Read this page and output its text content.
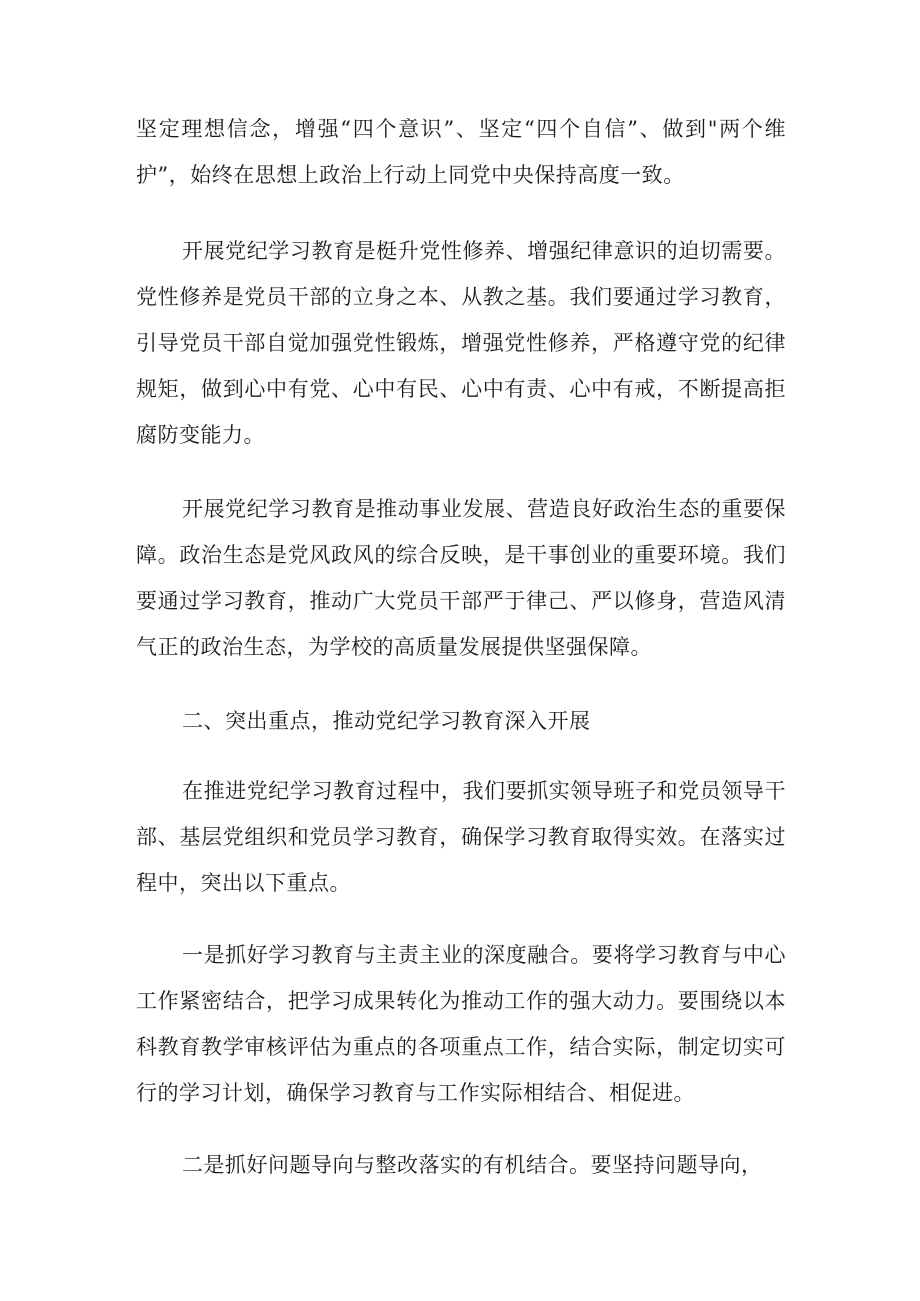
坚定理想信念，增强“四个意识”、坚定“四个自信”、做到"两个维护”，始终在思想上政治上行动上同党中央保持高度一致。

开展党纪学习教育是梃升党性修养、增强纪律意识的迫切需要。党性修养是党员干部的立身之本、从教之基。我们要通过学习教育，引导党员干部自觉加强党性锻炼，增强党性修养，严格遵守党的纪律规矩，做到心中有党、心中有民、心中有责、心中有戒，不断提高拒腐防变能力。

开展党纪学习教育是推动事业发展、营造良好政治生态的重要保障。政治生态是党风政风的综合反映，是干事创业的重要环境。我们要通过学习教育，推动广大党员干部严于律己、严以修身，营造风清气正的政治生态，为学校的高质量发展提供坚强保障。

二、突出重点，推动党纪学习教育深入开展

在推进党纪学习教育过程中，我们要抓实领导班子和党员领导干部、基层党组织和党员学习教育，确保学习教育取得实效。在落实过程中，突出以下重点。

一是抓好学习教育与主责主业的深度融合。要将学习教育与中心工作紧密结合，把学习成果转化为推动工作的强大动力。要围绕以本科教育教学审核评估为重点的各项重点工作，结合实际，制定切实可行的学习计划，确保学习教育与工作实际相结合、相促进。

二是抓好问题导向与整改落实的有机结合。要坚持问题导向，
